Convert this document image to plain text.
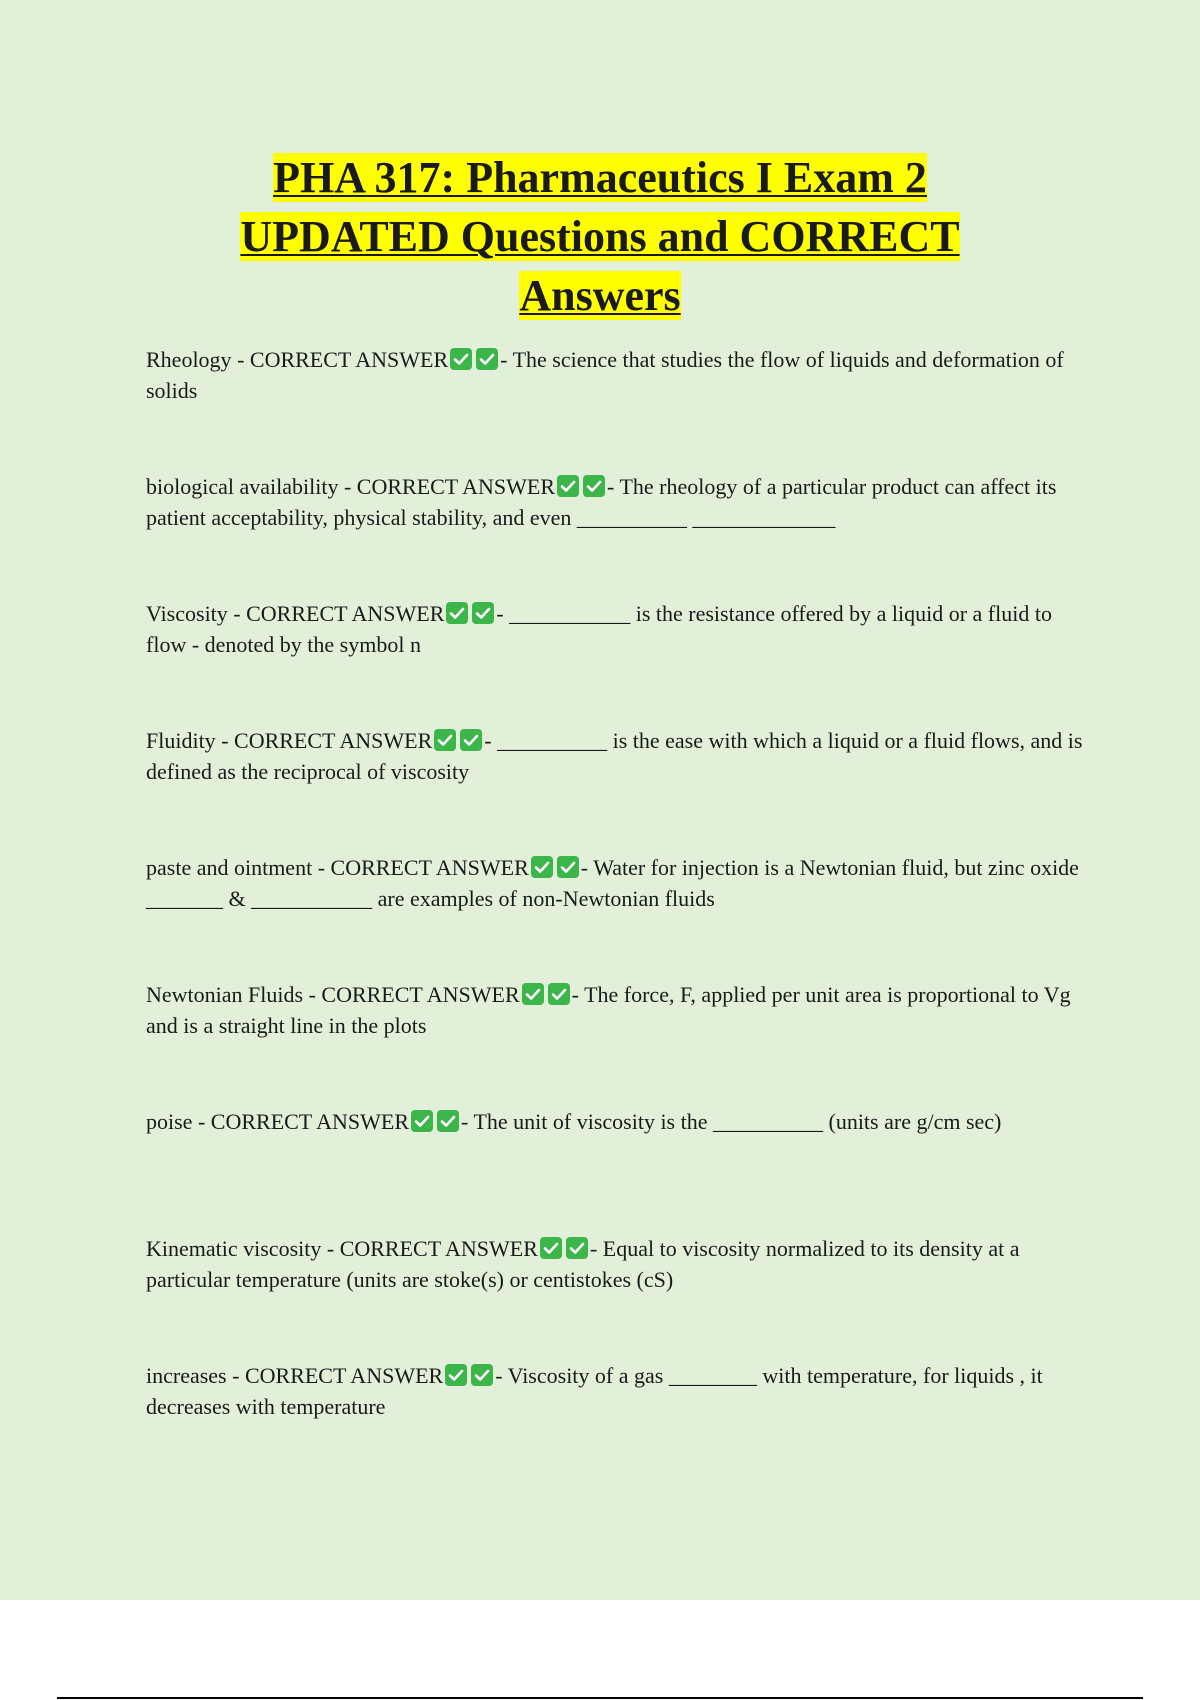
PHA 317: Pharmaceutics I Exam 2
UPDATED Questions and CORRECT
Answers

Rheology - CORRECT ANSWER - The science that studies the flow of liquids and deformation of solids

biological availability - CORRECT ANSWER - The rheology of a particular product can affect its patient acceptability, physical stability, and even __________ _____________

Viscosity - CORRECT ANSWER - ___________ is the resistance offered by a liquid or a fluid to flow - denoted by the symbol n

Fluidity - CORRECT ANSWER - __________ is the ease with which a liquid or a fluid flows, and is defined as the reciprocal of viscosity

paste and ointment - CORRECT ANSWER - Water for injection is a Newtonian fluid, but zinc oxide _______ & ___________ are examples of non-Newtonian fluids

Newtonian Fluids - CORRECT ANSWER - The force, F, applied per unit area is proportional to Vg and is a straight line in the plots

poise - CORRECT ANSWER - The unit of viscosity is the __________ (units are g/cm sec)

Kinematic viscosity - CORRECT ANSWER - Equal to viscosity normalized to its density at a particular temperature (units are stoke(s) or centistokes (cS)

increases - CORRECT ANSWER - Viscosity of a gas ________ with temperature, for liquids , it decreases with temperature
